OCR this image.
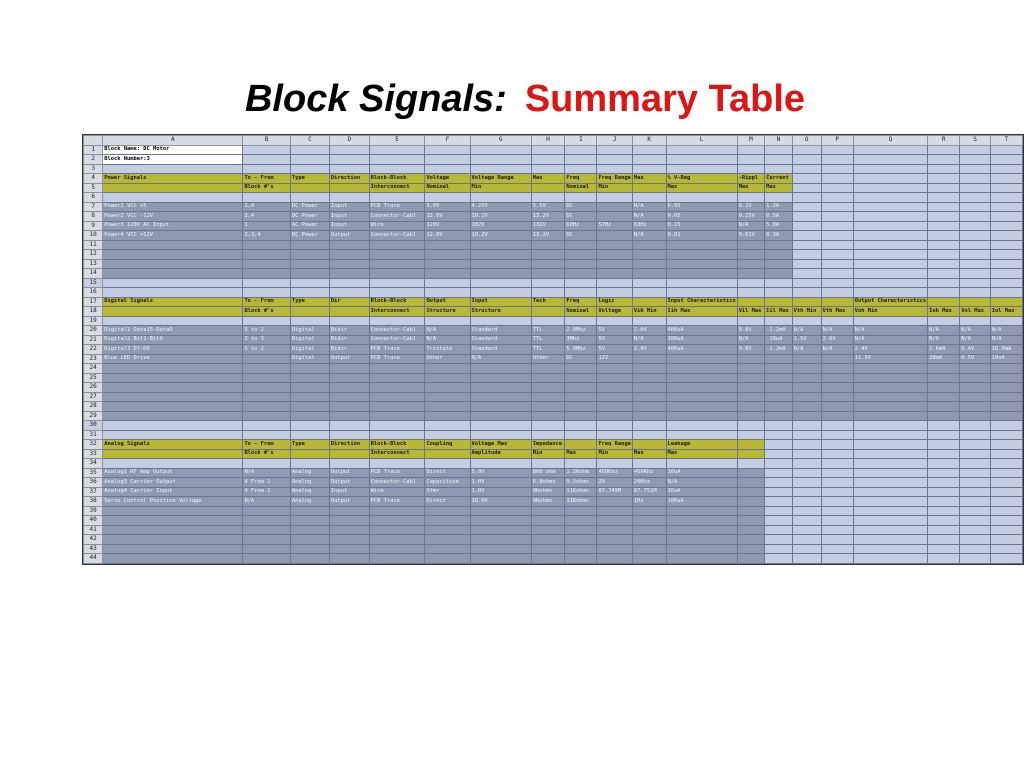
Block Signals: Summary Table
	A	B	C	D	E	F	G	H	I	J	K	L	M	N	O	P	Q	R	S	T
1	Block Name: DC Motor																			
2	Block Number:3																			
3																				
4	Power Signals	To - From	Type	Direction	Block-Block	Voltage	Voltage Range	Max	Freq	Freq Range	Max	% V-Reg	-Rippl	Current						
5		Block #'s			Interconnect	Nominal	Min		Nominal	Min		Max	Max	Max						
6																				
7	Power1 VCC +5	2,4	DC Power	Input	PCB Trace	5.0V	4.25V	5.5V	DC		N/A	0.05	0.1V	1.2A						
8	Power2 VCC -12V	2,4	DC Power	Input	Connector-Cabl	12.0V	10.2V	13.2V	DC		N/A	0.05	0.25V	0.5A						
9	Power3 120V AC Input	1	AC Power	Input	Wire	120V	102V	132V	60Hz	57Hz	63Hz	0.15	N/A	5.0A						
10	Power4 VCC +12V	2,3,4	DC Power	Output	Connector-Cabl	12.0V	10.2V	13.2V	DC		N/A	0.01	0.01V	0.3A						
11																				
12																				
13																				
14																				
15																				
16																				
17	Digital Signals	To - From	Type	Dir	Block-Block	Output	Input	Tech	Freq	Logic		Input Characteristics					Output Characteristics			
18		Block #'s			Interconnect	Structure	Structure		Nominal	Voltage	Vih Min	Iih Max	Vil Max	Iil Max	Vth Min	Vth Max	Voh Min	Ioh Max	Vol Max	Iol Max
19																				
20	Digital1 Data15-Data0	5 to 2	Digital	Bidir	Connector-Cabl	N/A	Standard	TTL	2.0Mhz	5V	2.0V	400uA	0.8V	-1.2mA	N/A	N/A	N/A	N/A	N/A	N/A
21	Digital2 Bit1-Bit0	2 to 3	Digital	Bidir	Connector-Cabl	N/A	Standard	TTL	3Mhz	5V	N/A	100uA	N/A	-10uA	1.5V	2.6V	N/A	N/A	N/A	N/A
22	Digital3 D7-D0	5 to 2	Digital	Bidir	PCB Trace	Tristate	Standard	TTL	5.0Mhz	5V	2.0V	400uA	0.8V	-1.2mA	N/A	N/A	2.4V	1.6mA	0.4V	16.0mA
23	Blue LED Drive		Digital	Output	PCB Trace	Other	N/A	Other	DC	12V							11.5V	20mA	0.5V	10uA
24																				
25																				
26																				
27																				
28																				
29																				
30																				
31																				
32	Analog Signals	To - From	Type	Direction	Block-Block	Coupling	Voltage Max	Impedance		Freq Range		Leakage								
33		Block #'s			Interconnect		Amplitude	Min	Max	Min	Max	Max								
34																				
35	Analog1 RF Amp Output	N/A	Analog	Output	PCB Trace	Direct	5.0V	800 ohm	1.2Kohm	450Khz	460Khz	10uA								
36	Analog3 Carrier Output	4 From 1	Analog	Output	Connector-Cabl	Capacitive	1.0V	6.8ohms	9.2ohms	20	20Khz	N/A								
37	Analog4 Carrier Input	4 From 1	Analog	Input	Wire	Xfmr	1.0V	9Kohms	11Kohms	87.749M	87.751M	10uA								
38	Servo Control Position Voltage	N/A	Analog	Output	PCB Trace	Direct	10.0V	9Kohms	11Kohms		1Hz	100uA								
39																				
40																				
41																				
42																				
43																				
44																				
